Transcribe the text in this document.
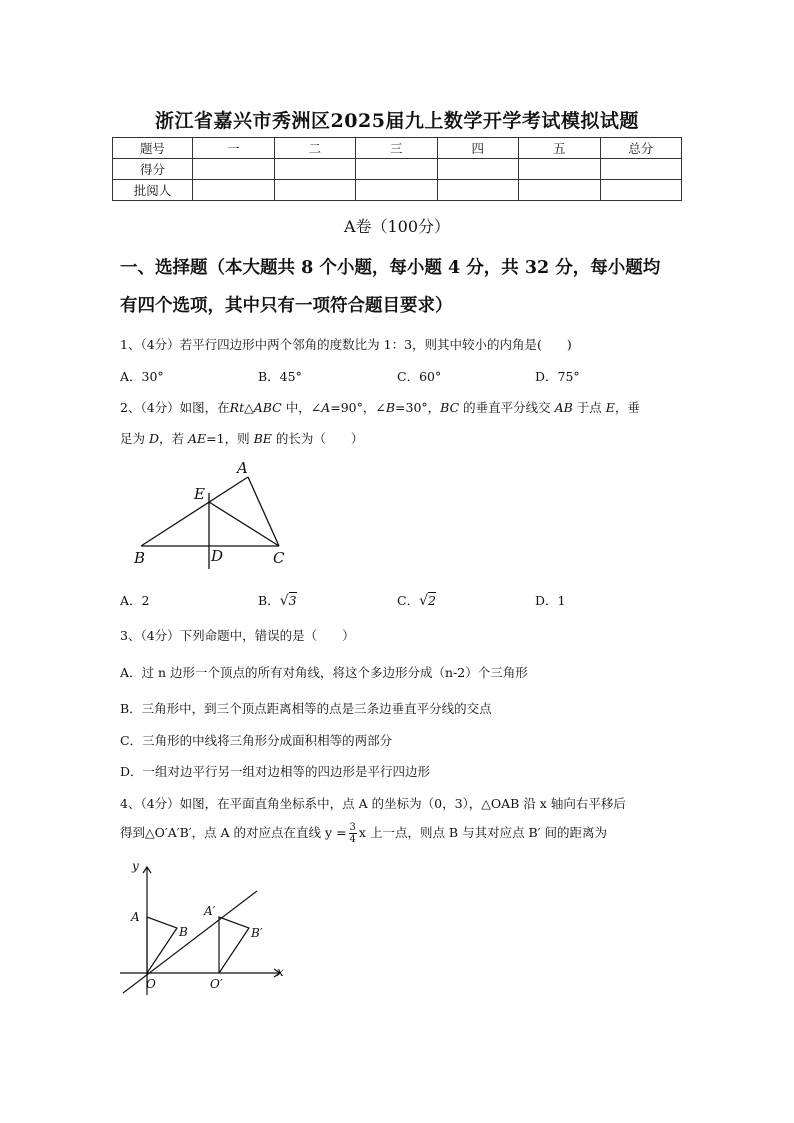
浙江省嘉兴市秀洲区2025届九上数学开学考试模拟试题
题号	一	二	三	四	五	总分
得分						
批阅人						
A卷（100分）
一、选择题（本大题共 8 个小题，每小题 4 分，共 32 分，每小题均
有四个选项，其中只有一项符合题目要求）
1、（4分）若平行四边形中两个邻角的度数比为 1：3，则其中较小的内角是(　　)
A．30°	B．45°	C．60°	D．75°
2、（4分）如图，在Rt△ABC 中，∠A=90°，∠B=30°，BC 的垂直平分线交 AB 于点 E，垂
足为 D，若 AE=1，则 BE 的长为（　　）
A
E
B	D	C
A．2	B．√3	C．√2	D．1
3、（4分）下列命题中，错误的是（　　）
A．过 n 边形一个顶点的所有对角线，将这个多边形分成（n-2）个三角形
B．三角形中，到三个顶点距离相等的点是三条边垂直平分线的交点
C．三角形的中线将三角形分成面积相等的两部分
D．一组对边平行另一组对边相等的四边形是平行四边形
4、（4分）如图，在平面直角坐标系中，点 A 的坐标为（0，3），△OAB 沿 x 轴向右平移后
得到△O′A′B′，点 A 的对应点在直线 $y = \frac{3}{4}$ x 上一点，则点 B 与其对应点 B′ 间的距离为
y
x
A
B
O
A′
B′
O′
